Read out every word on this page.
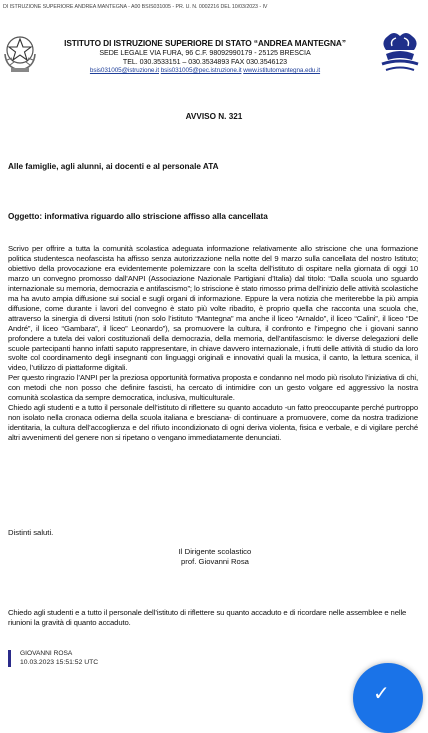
DI ISTRUZIONE SUPERIORE ANDREA MANTEGNA - A00 BSIS031005 - PR. U. N. 0002216 DEL 10/03/2023 - IV
ISTITUTO DI ISTRUZIONE SUPERIORE DI STATO “ANDREA MANTEGNA”
SEDE LEGALE VIA FURA, 96 C.F. 98092990179 - 25125 BRESCIA
TEL. 030.3533151 – 030.3534893 FAX 030.3546123
bsis031005@istruzione.it bsis031005@pec.istruzione.it www.istitutomantegna.edu.it
AVVISO N. 321
Alle famiglie, agli alunni, ai docenti e al personale ATA
Oggetto: informativa riguardo allo striscione affisso alla cancellata

Scrivo per offrire a tutta la comunità scolastica adeguata informazione relativamente allo striscione che una formazione politica studentesca neofascista ha affisso senza autorizzazione nella notte del 9 marzo sulla cancellata del nostro Istituto; obiettivo della provocazione era evidentemente polemizzare con la scelta dell’istituto di ospitare nella giornata di oggi 10 marzo un convegno promosso dall’ANPI (Associazione Nazionale Partigiani d’Italia) dal titolo: “Dalla scuola uno sguardo internazionale su memoria, democrazia e antifascismo”; lo striscione è stato rimosso prima dell’inizio delle attività scolastiche ma ha avuto ampia diffusione sui social e sugli organi di informazione. Eppure la vera notizia che meriterebbe la più ampia diffusione, come durante i lavori del convegno è stato più volte ribadito, è proprio quella che racconta una scuola che, attraverso la sinergia di diversi Istituti (non solo l’istituto “Mantegna” ma anche il liceo “Arnaldo”, il liceo “Calini”, il liceo “De André”, il liceo “Gambara”, il liceo” Leonardo”), sa promuovere la cultura, il confronto e l’impegno che i giovani sanno profondere a tutela dei valori costituzionali della democrazia, della memoria, dell’antifascismo: le diverse delegazioni delle scuole partecipanti hanno infatti saputo rappresentare, in chiave davvero internazionale, i frutti delle attività di studio da loro svolte col coordinamento degli insegnanti con linguaggi originali e innovativi quali la musica, il canto, la lettura scenica, il video, l’utilizzo di piattaforme digitali.

Per questo ringrazio l’ANPI per la preziosa opportunità formativa proposta e condanno nel modo più risoluto l’iniziativa di chi, con metodi che non posso che definire fascisti, ha cercato di intimidire con un gesto volgare ed aggressivo la nostra comunità scolastica da sempre democratica, inclusiva, multiculturale.

Chiedo agli studenti e a tutto il personale dell’istituto di riflettere su quanto accaduto -un fatto preoccupante perché purtroppo non isolato nella cronaca odierna della scuola italiana e bresciana- di continuare a promuovere, come da nostra tradizione identitaria, la cultura dell’accoglienza e del rifiuto incondizionato di ogni deriva violenta, fisica e verbale, e di vigilare perché altri avvenimenti del genere non si ripetano o vengano immediatamente denunciati.

Distinti saluti.
Il Dirigente scolastico
prof. Giovanni Rosa
Chiedo agli studenti e a tutto il personale dell’istituto di riflettere su quanto accaduto e di ricordare nelle assemblee e nelle riunioni la gravità di quanto accaduto.
GIOVANNI ROSA
10.03.2023 15:51:52 UTC
✓
